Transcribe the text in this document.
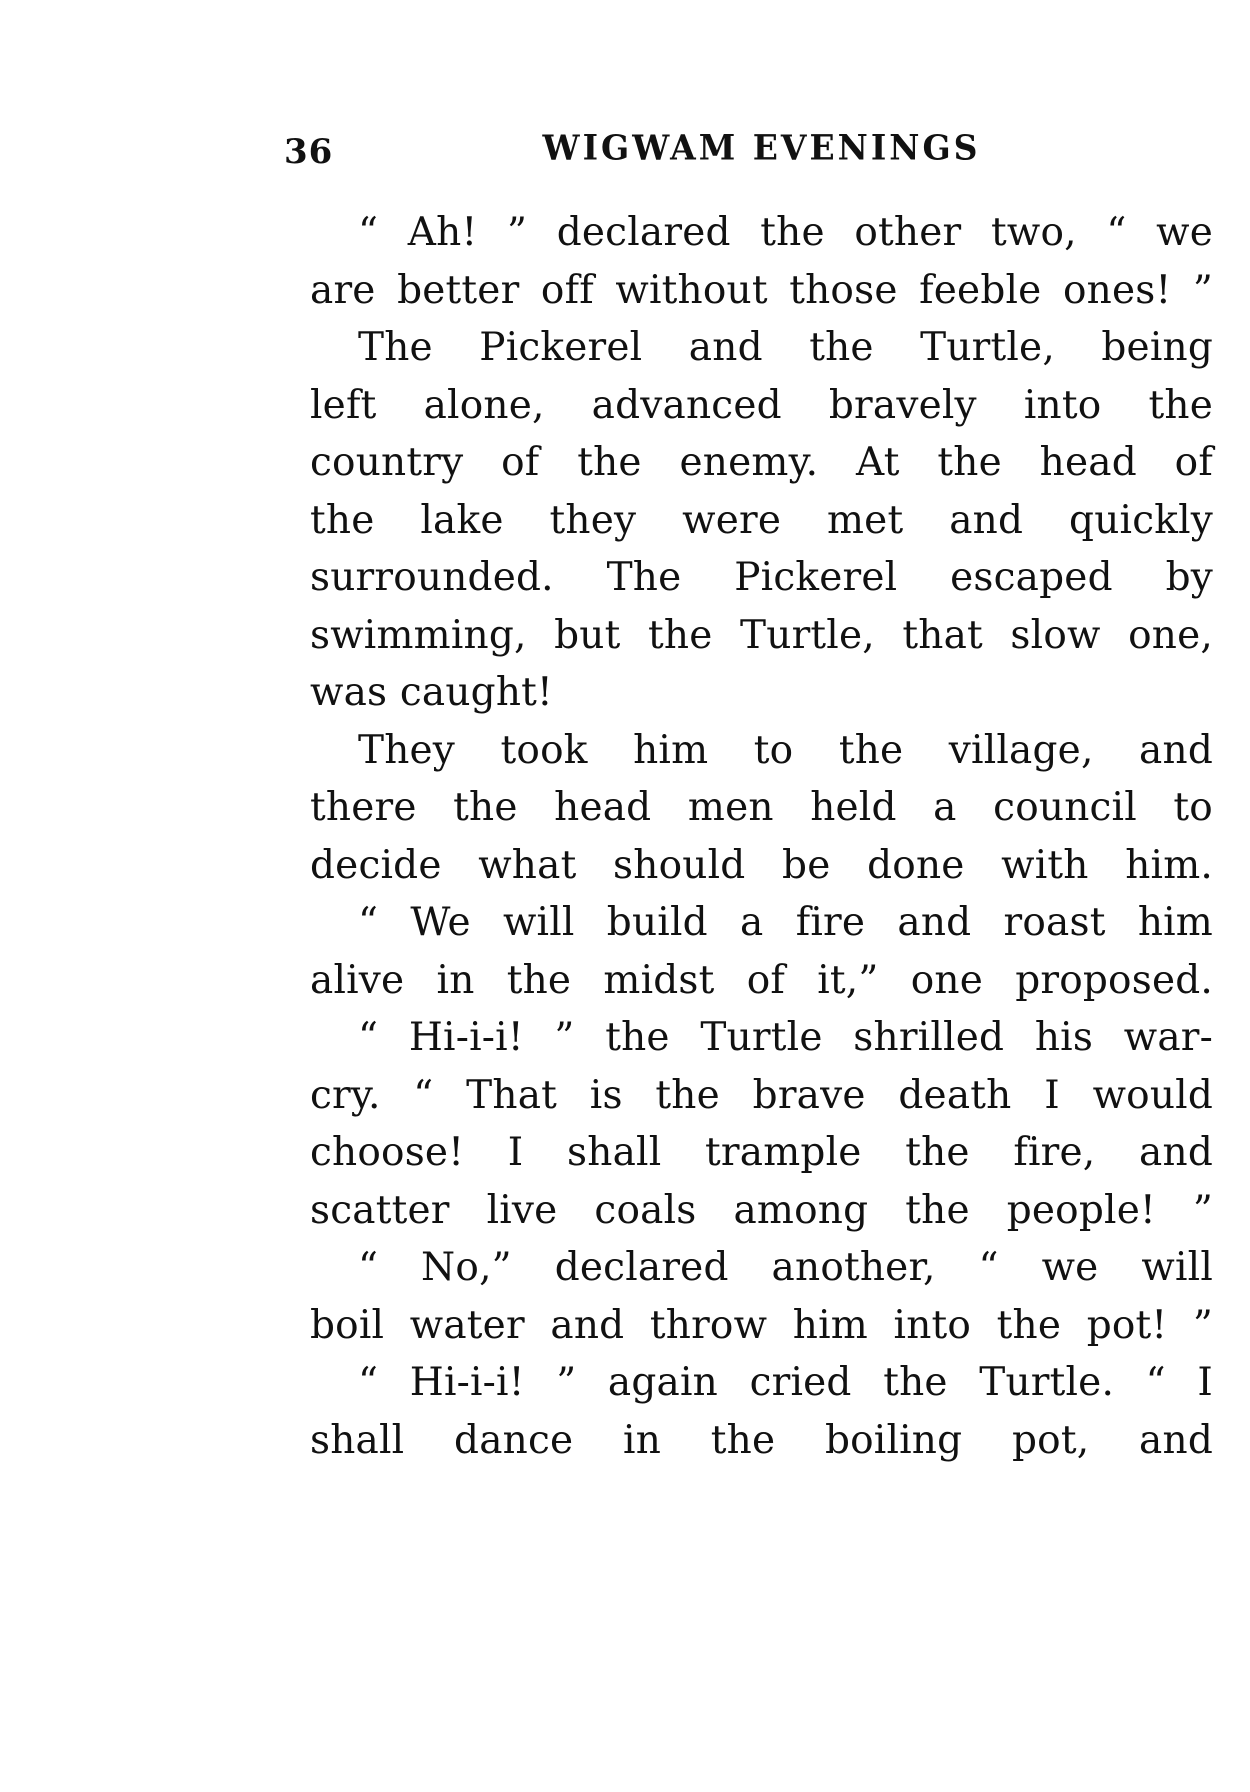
36	WIGWAM EVENINGS
“ Ah! ” declared the other two, “ we
are better off without those feeble ones! ”
The Pickerel and the Turtle, being
left alone, advanced bravely into the
country of the enemy. At the head of
the lake they were met and quickly
surrounded. The Pickerel escaped by
swimming, but the Turtle, that slow one,
was caught!
They took him to the village, and
there the head men held a council to
decide what should be done with him.
“ We will build a fire and roast him
alive in the midst of it,” one proposed.
“ Hi-i-i! ” the Turtle shrilled his war-
cry. “ That is the brave death I would
choose! I shall trample the fire, and
scatter live coals among the people! ”
“ No,” declared another, “ we will
boil water and throw him into the pot! ”
“ Hi-i-i! ” again cried the Turtle. “ I
shall dance in the boiling pot, and
